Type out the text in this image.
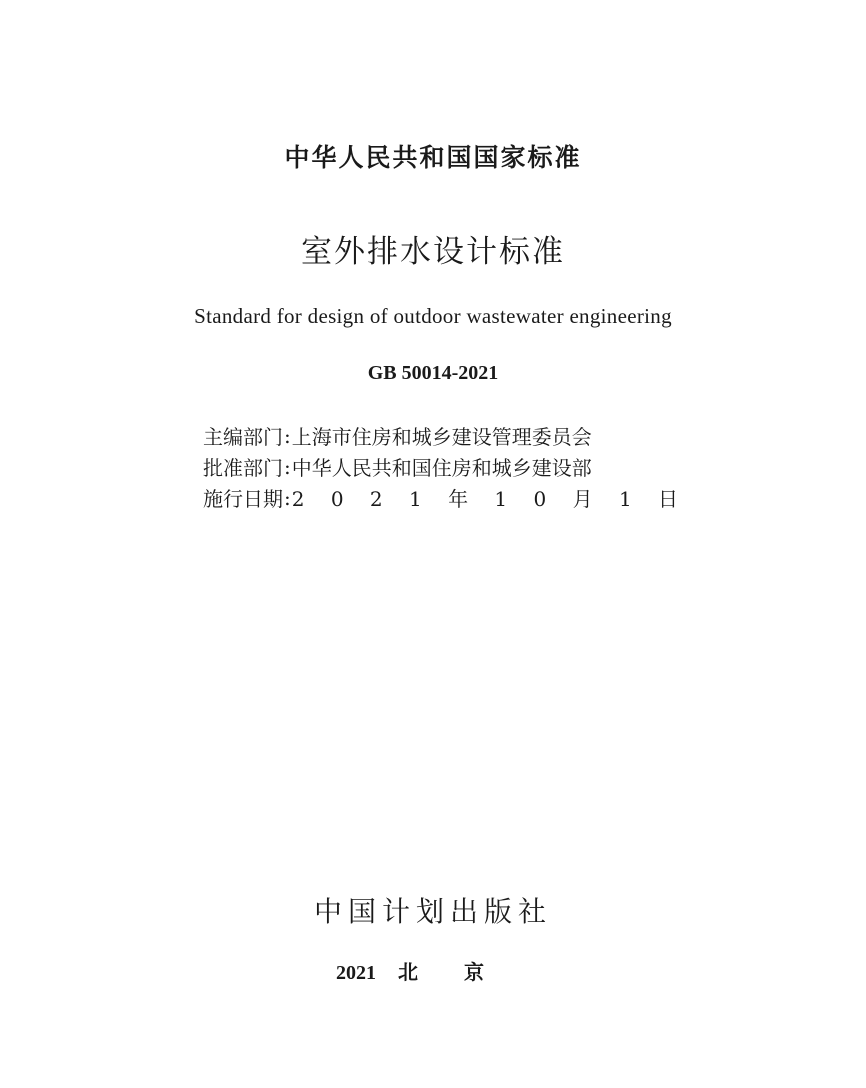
中华人民共和国国家标准
室外排水设计标准
Standard for design of outdoor wastewater engineering
GB 50014-2021
主编部门 : 上海市住房和城乡建设管理委员会
批准部门 : 中华人民共和国住房和城乡建设部
施行日期 : 2 0 2 1 年 1 0 月 1 日
中国计划出版社
2021 北京
